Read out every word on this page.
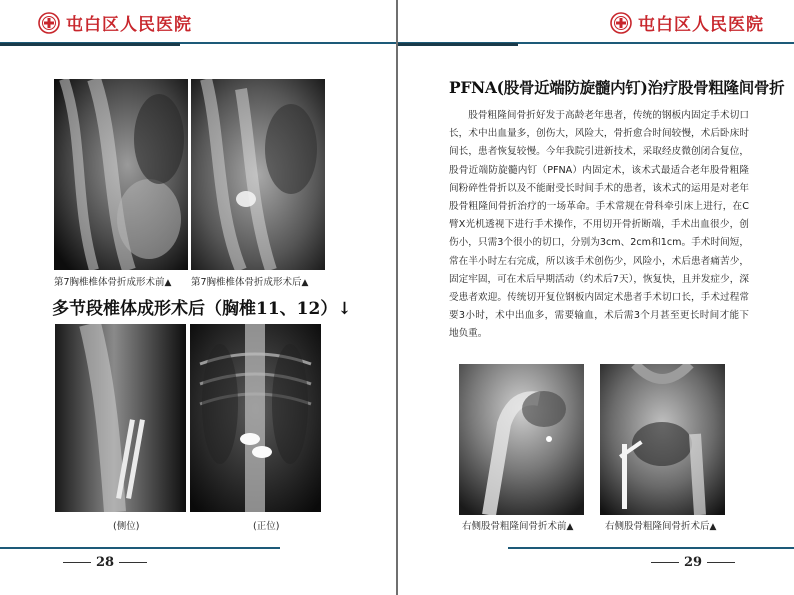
屯白区人民医院
第7胸椎椎体骨折成形术前▲ 第7胸椎椎体骨折成形术后▲
多节段椎体成形术后（胸椎11、12）↓
(侧位)	(正位)
28
屯白区人民医院
29
PFNA(股骨近端防旋髓内钉)治疗股骨粗隆间骨折

股骨粗隆间骨折好发于高龄老年患者，传统的钢板内固定手术切口长，术中出血量多，创伤大，风险大，骨折愈合时间较慢，术后卧床时间长，患者恢复较慢。今年我院引进新技术，采取经皮微创闭合复位，股骨近端防旋髓内钉（PFNA）内固定术，该术式最适合老年股骨粗隆间粉碎性骨折以及不能耐受长时间手术的患者，该术式的运用是对老年股骨粗隆间骨折治疗的一场革命。手术常规在骨科牵引床上进行，在C臂X光机透视下进行手术操作，不用切开骨折断端，手术出血很少，创伤小，只需3个很小的切口，分别为3cm、2cm和1cm。手术时间短，常在半小时左右完成，所以该手术创伤少，风险小，术后患者痛苦少，固定牢固，可在术后早期活动（约术后7天），恢复快，且并发症少，深受患者欢迎。传统切开复位钢板内固定术患者手术切口长，手术过程常要3小时，术中出血多，需要输血，术后需3个月甚至更长时间才能下地负重。

右侧股骨粗隆间骨折术前▲	右侧股骨粗隆间骨折术后▲
